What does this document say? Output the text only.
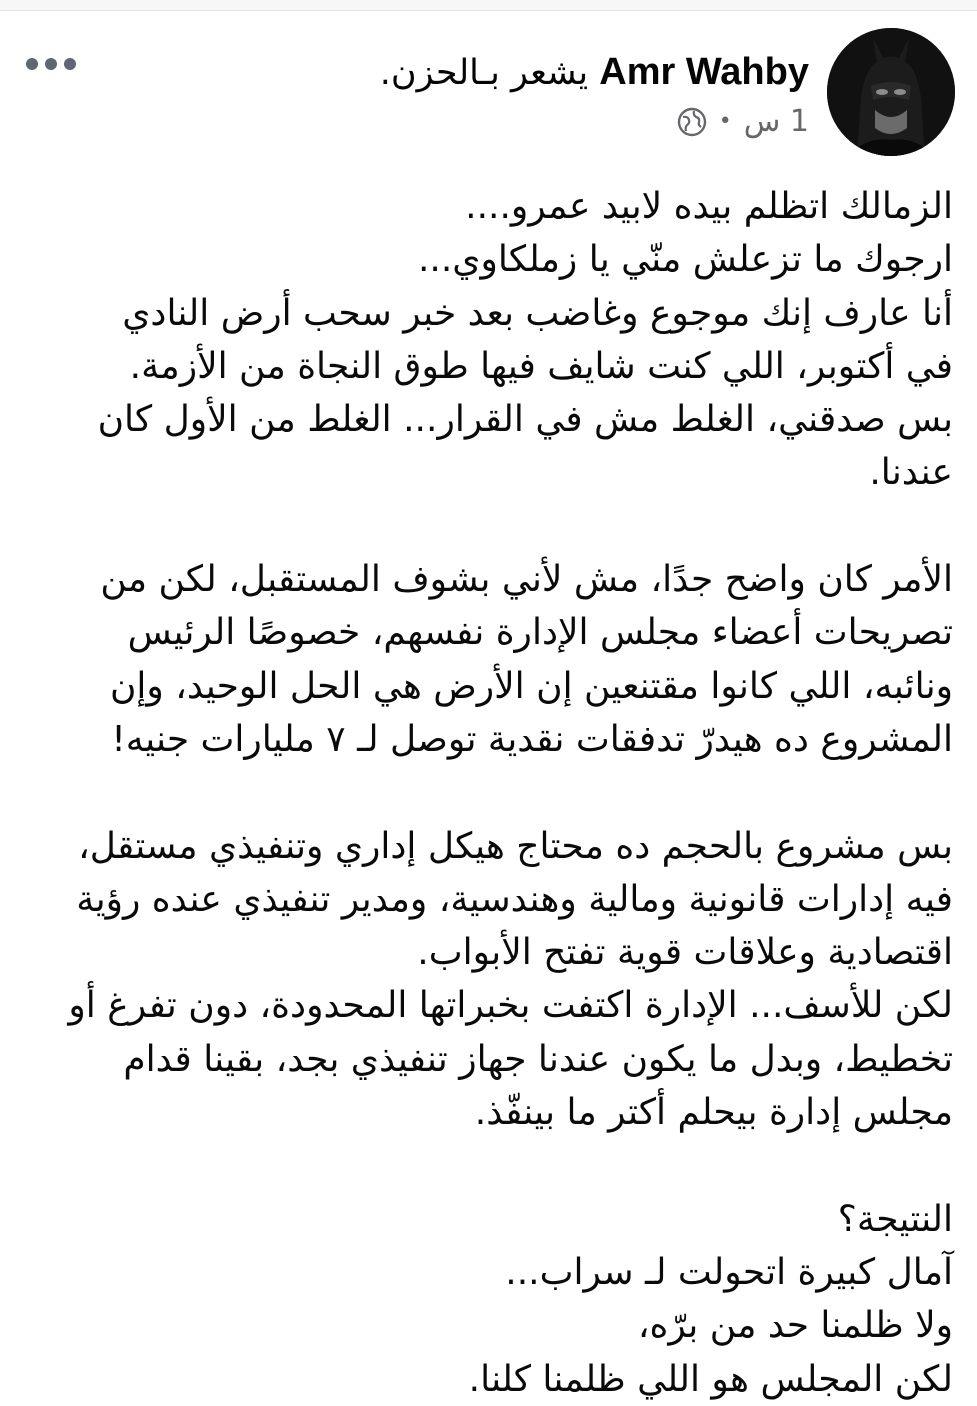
Amr Wahby يشعر بـالحزن.
1 س
•
الزمالك اتظلم بيده لابيد عمرو....
ارجوك ما تزعلش منّي يا زملكاوي...
أنا عارف إنك موجوع وغاضب بعد خبر سحب أرض النادي
في أكتوبر، اللي كنت شايف فيها طوق النجاة من الأزمة.
بس صدقني، الغلط مش في القرار... الغلط من الأول كان
عندنا.
الأمر كان واضح جدًا، مش لأني بشوف المستقبل، لكن من
تصريحات أعضاء مجلس الإدارة نفسهم، خصوصًا الرئيس
ونائبه، اللي كانوا مقتنعين إن الأرض هي الحل الوحيد، وإن
المشروع ده هيدرّ تدفقات نقدية توصل لـ ٧ مليارات جنيه!
بس مشروع بالحجم ده محتاج هيكل إداري وتنفيذي مستقل،
فيه إدارات قانونية ومالية وهندسية، ومدير تنفيذي عنده رؤية
اقتصادية وعلاقات قوية تفتح الأبواب.
لكن للأسف... الإدارة اكتفت بخبراتها المحدودة، دون تفرغ أو
تخطيط، وبدل ما يكون عندنا جهاز تنفيذي بجد، بقينا قدام
مجلس إدارة بيحلم أكتر ما بينفّذ.
النتيجة؟
آمال كبيرة اتحولت لـ سراب...
ولا ظلمنا حد من برّه،
لكن المجلس هو اللي ظلمنا كلنا.
